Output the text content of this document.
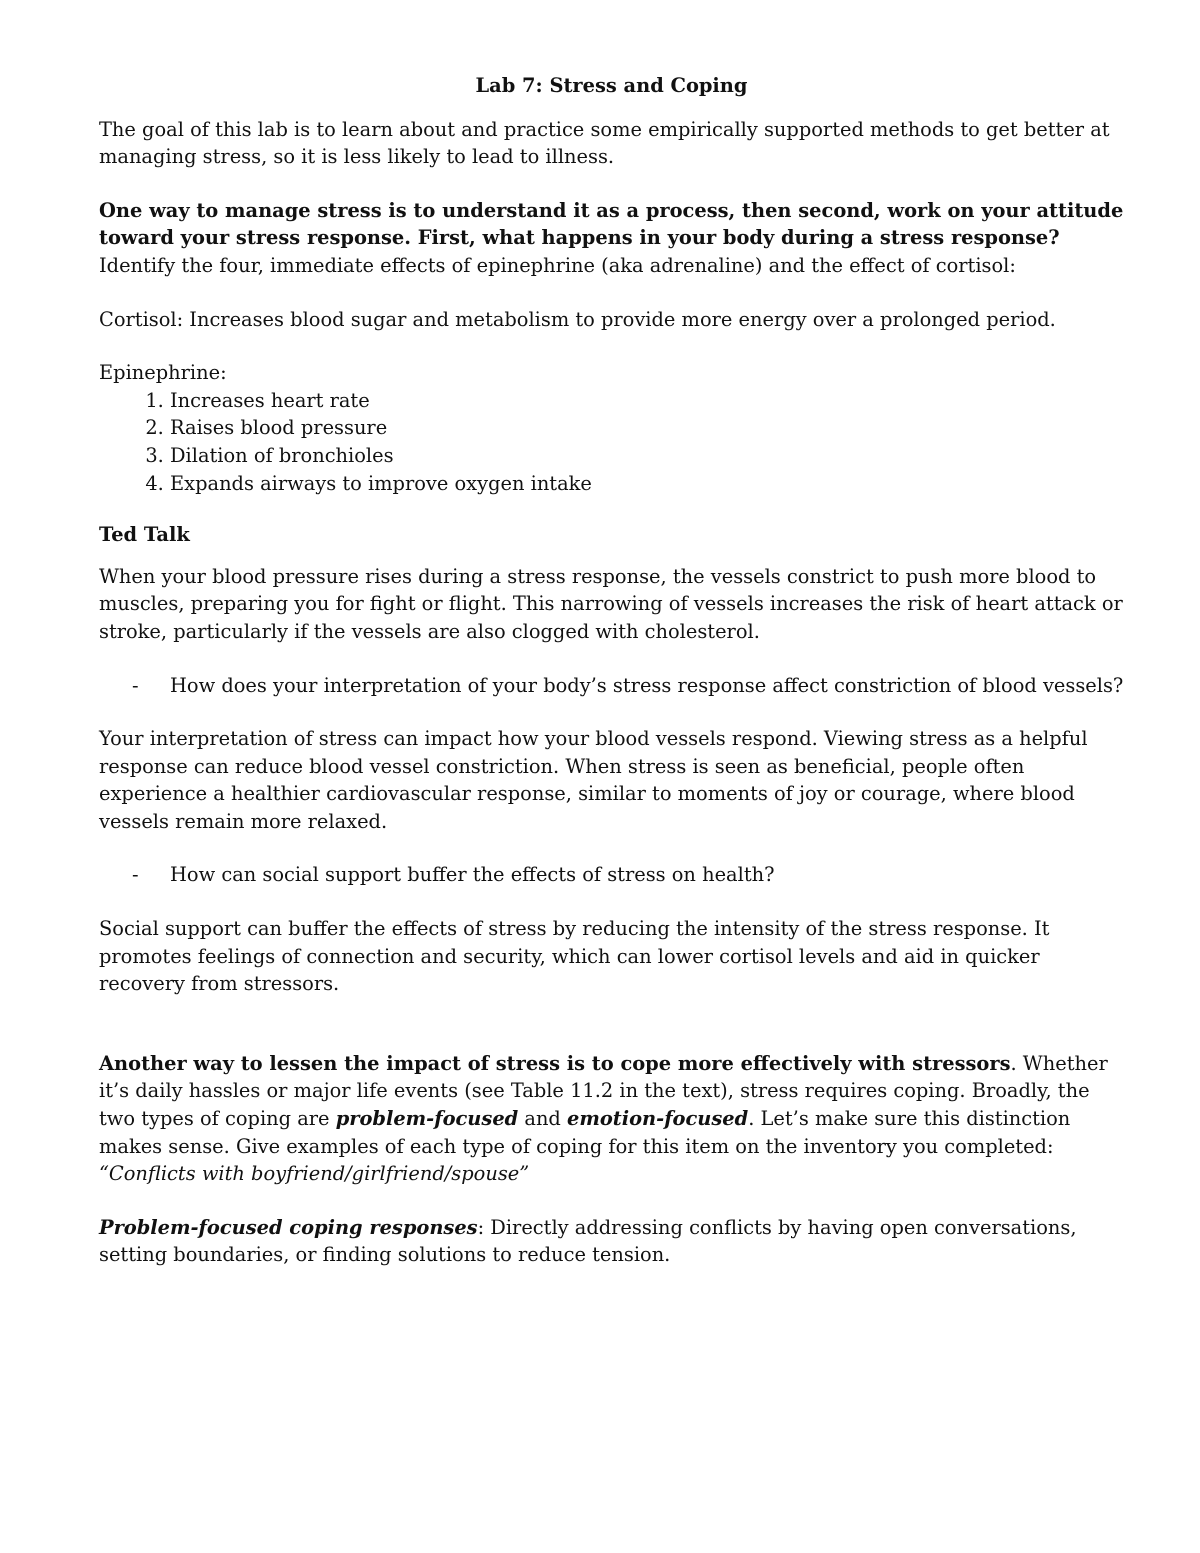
Lab 7: Stress and Coping

The goal of this lab is to learn about and practice some empirically supported methods to get better at managing stress, so it is less likely to lead to illness.

One way to manage stress is to understand it as a process, then second, work on your attitude toward your stress response. First, what happens in your body during a stress response? Identify the four, immediate effects of epinephrine (aka adrenaline) and the effect of cortisol:

Cortisol: Increases blood sugar and metabolism to provide more energy over a prolonged period.

Epinephrine:

1. Increases heart rate
2. Raises blood pressure
3. Dilation of bronchioles
4. Expands airways to improve oxygen intake

Ted Talk

When your blood pressure rises during a stress response, the vessels constrict to push more blood to muscles, preparing you for fight or flight. This narrowing of vessels increases the risk of heart attack or stroke, particularly if the vessels are also clogged with cholesterol.

- How does your interpretation of your body’s stress response affect constriction of blood vessels?

Your interpretation of stress can impact how your blood vessels respond. Viewing stress as a helpful response can reduce blood vessel constriction. When stress is seen as beneficial, people often experience a healthier cardiovascular response, similar to moments of joy or courage, where blood vessels remain more relaxed.

- How can social support buffer the effects of stress on health?

Social support can buffer the effects of stress by reducing the intensity of the stress response. It promotes feelings of connection and security, which can lower cortisol levels and aid in quicker recovery from stressors.

Another way to lessen the impact of stress is to cope more effectively with stressors. Whether it’s daily hassles or major life events (see Table 11.2 in the text), stress requires coping. Broadly, the two types of coping are problem-focused and emotion-focused. Let’s make sure this distinction makes sense. Give examples of each type of coping for this item on the inventory you completed: “Conflicts with boyfriend/girlfriend/spouse”

Problem-focused coping responses: Directly addressing conflicts by having open conversations, setting boundaries, or finding solutions to reduce tension.
